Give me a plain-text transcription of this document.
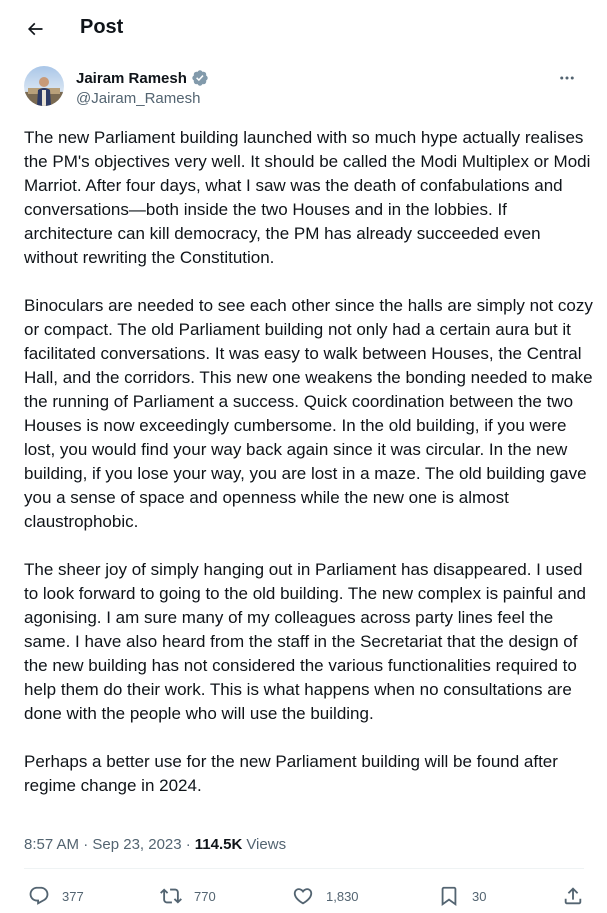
Post
Jairam Ramesh
@Jairam_Ramesh

The new Parliament building launched with so much hype actually realises the PM's objectives very well. It should be called the Modi Multiplex or Modi Marriot. After four days, what I saw was the death of confabulations and conversations—both inside the two Houses and in the lobbies. If architecture can kill democracy, the PM has already succeeded even without rewriting the Constitution.

Binoculars are needed to see each other since the halls are simply not cozy or compact. The old Parliament building not only had a certain aura but it facilitated conversations. It was easy to walk between Houses, the Central Hall, and the corridors. This new one weakens the bonding needed to make the running of Parliament a success. Quick coordination between the two Houses is now exceedingly cumbersome. In the old building, if you were lost, you would find your way back again since it was circular. In the new building, if you lose your way, you are lost in a maze. The old building gave you a sense of space and openness while the new one is almost claustrophobic.

The sheer joy of simply hanging out in Parliament has disappeared. I used to look forward to going to the old building. The new complex is painful and agonising. I am sure many of my colleagues across party lines feel the same. I have also heard from the staff in the Secretariat that the design of the new building has not considered the various functionalities required to help them do their work. This is what happens when no consultations are done with the people who will use the building.

Perhaps a better use for the new Parliament building will be found after regime change in 2024.

8:57 AM · Sep 23, 2023 · 114.5K Views
377	770	1,830	30
